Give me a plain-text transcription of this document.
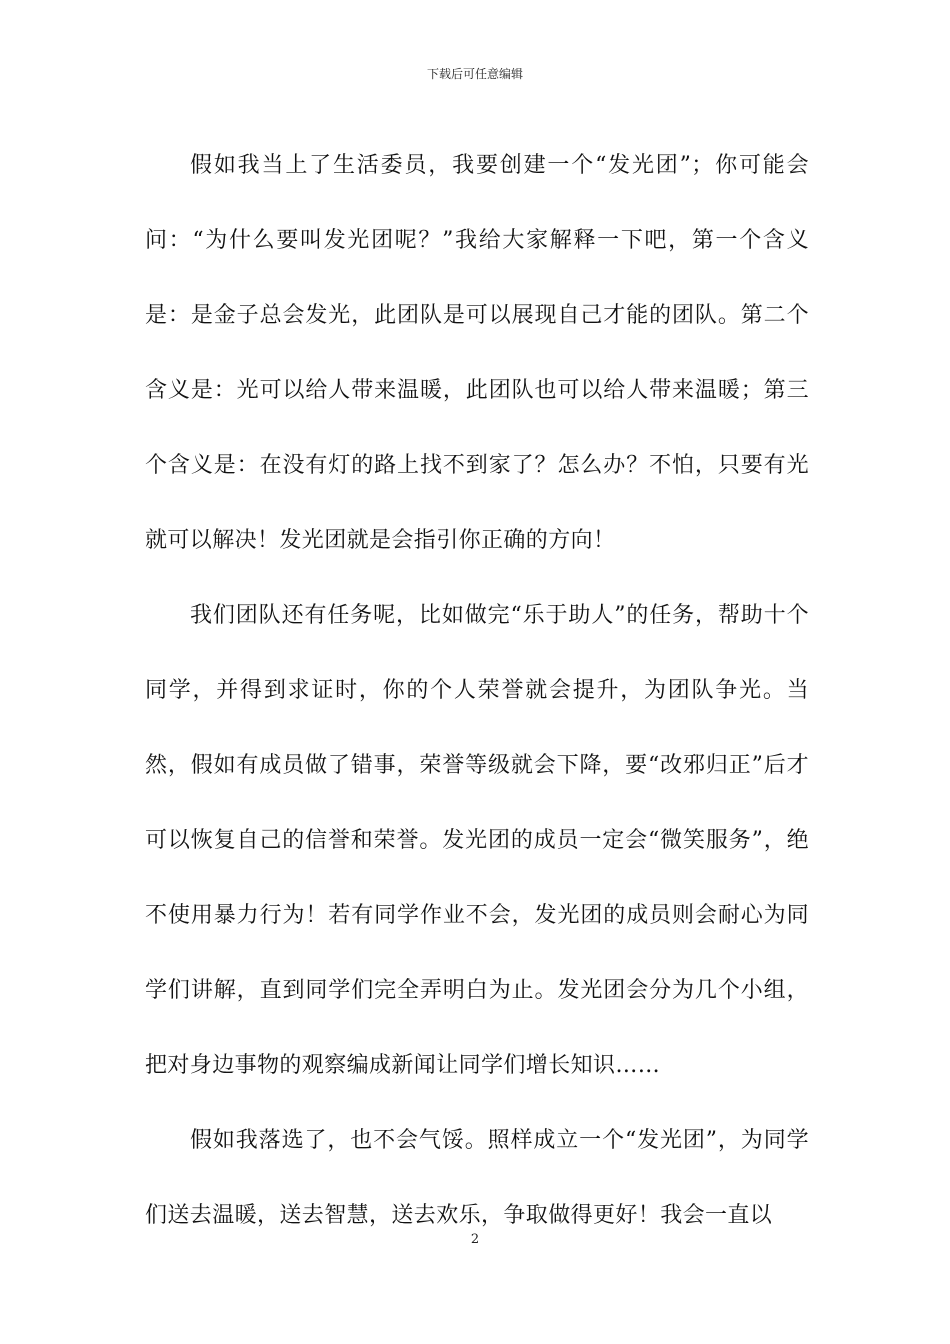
下载后可任意编辑

假如我当上了生活委员，我要创建一个“发光团”；你可能会问：“为什么要叫发光团呢？”我给大家解释一下吧，第一个含义是：是金子总会发光，此团队是可以展现自己才能的团队。第二个含义是：光可以给人带来温暖，此团队也可以给人带来温暖；第三个含义是：在没有灯的路上找不到家了？怎么办？不怕，只要有光就可以解决！发光团就是会指引你正确的方向！

我们团队还有任务呢，比如做完“乐于助人”的任务，帮助十个同学，并得到求证时，你的个人荣誉就会提升，为团队争光。当然，假如有成员做了错事，荣誉等级就会下降，要“改邪归正”后才可以恢复自己的信誉和荣誉。发光团的成员一定会“微笑服务”，绝不使用暴力行为！若有同学作业不会，发光团的成员则会耐心为同学们讲解，直到同学们完全弄明白为止。发光团会分为几个小组，把对身边事物的观察编成新闻让同学们增长知识……

假如我落选了，也不会气馁。照样成立一个“发光团”，为同学们送去温暖，送去智慧，送去欢乐，争取做得更好！我会一直以

2
